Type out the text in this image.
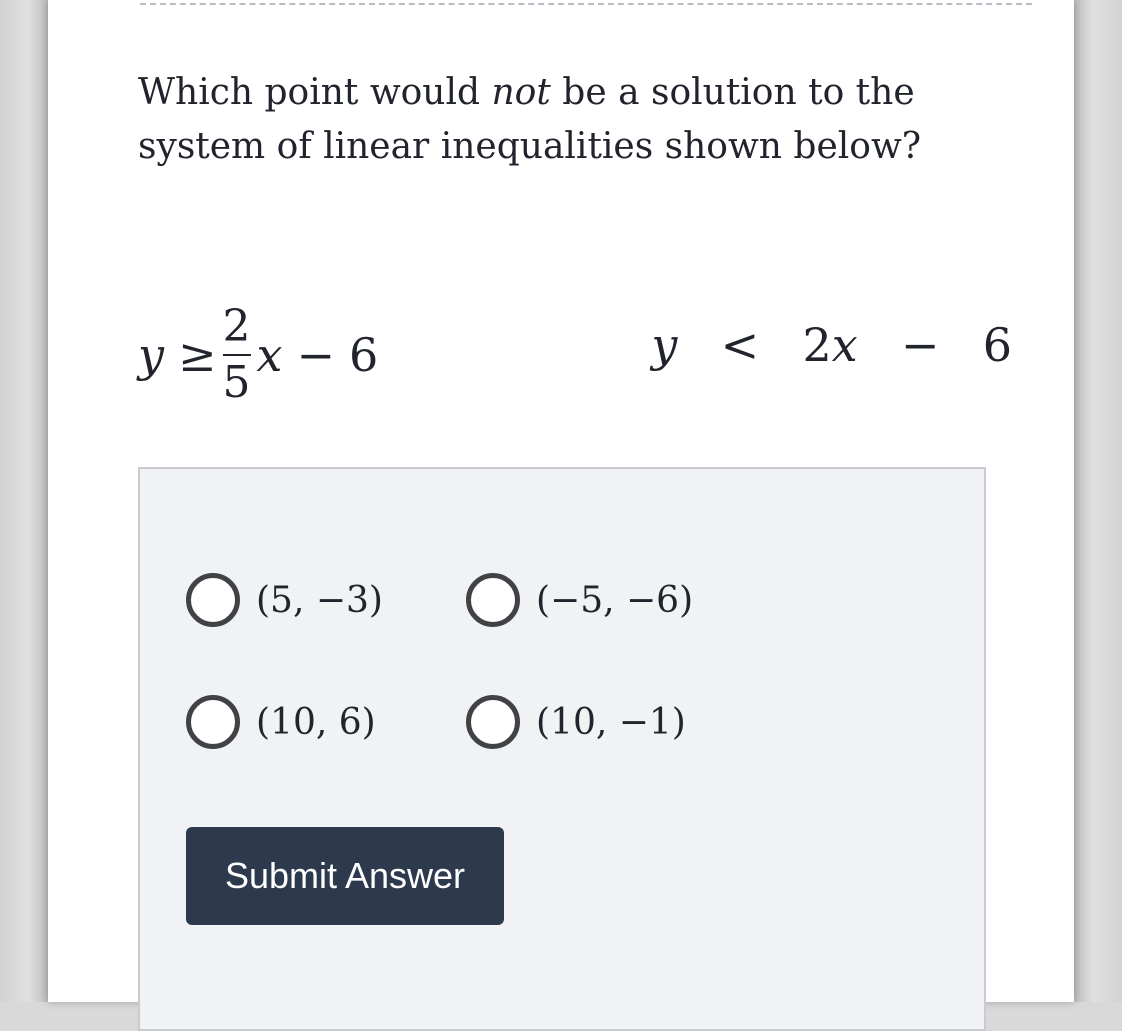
Which point would not be a solution to the system of linear inequalities shown below?

$y \ge \frac{2}{5}$ x − 6	y < 2x − 6
(5, −3)	(−5, −6)
(10, 6)	(10, −1)
Submit Answer
